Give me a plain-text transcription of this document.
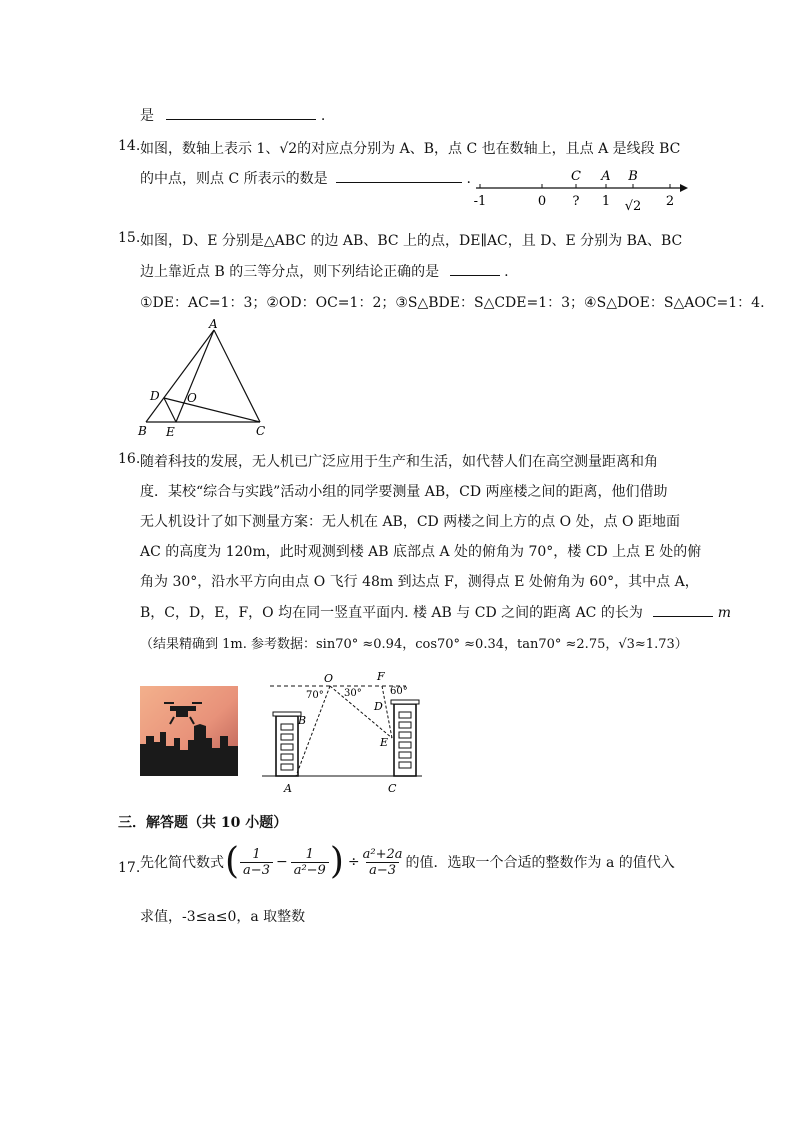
是	.
14. 如图，数轴上表示 1、√2的对应点分别为 A、B，点 C 也在数轴上，且点 A 是线段 BC
的中点，则点 C 所表示的数是	.
-1	0	1	2
C A B
?	√2
15. 如图，D、E 分别是△ABC 的边 AB、BC 上的点，DE∥AC，且 D、E 分别为 BA、BC
边上靠近点 B 的三等分点，则下列结论正确的是	.
①DE：AC=1：3；②OD：OC=1：2；③S△BDE：S△CDE=1：3；④S△DOE：S△AOC=1：4.
A
B	C
D
E
O
16. 随着科技的发展，无人机已广泛应用于生产和生活，如代替人们在高空测量距离和角
度．某校“综合与实践”活动小组的同学要测量 AB，CD 两座楼之间的距离，他们借助
无人机设计了如下测量方案：无人机在 AB，CD 两楼之间上方的点 O 处，点 O 距地面
AC 的高度为 120m，此时观测到楼 AB 底部点 A 处的俯角为 70°，楼 CD 上点 E 处的俯
角为 30°，沿水平方向由点 O 飞行 48m 到达点 F，测得点 E 处俯角为 60°，其中点 A，
B，C，D，E，F，O 均在同一竖直平面内. 楼 AB 与 CD 之间的距离 AC 的长为	m
（结果精确到 1m. 参考数据：sin70° ≈0.94，cos70° ≈0.34，tan70° ≈2.75，√3≈1.73）
O	F
B
D
E
A	C
70° 30°	60°
三．解答题（共 10 小题）
17. 先化简代数式 ( $\frac{1}{a-3} - \frac{1}{\text{a²−9}}$ ) ÷ $\frac{\text{a²+2a}}{a-3}$ 的值．选取一个合适的整数作为 a 的值代入
求值，-3≤a≤0，a 取整数
